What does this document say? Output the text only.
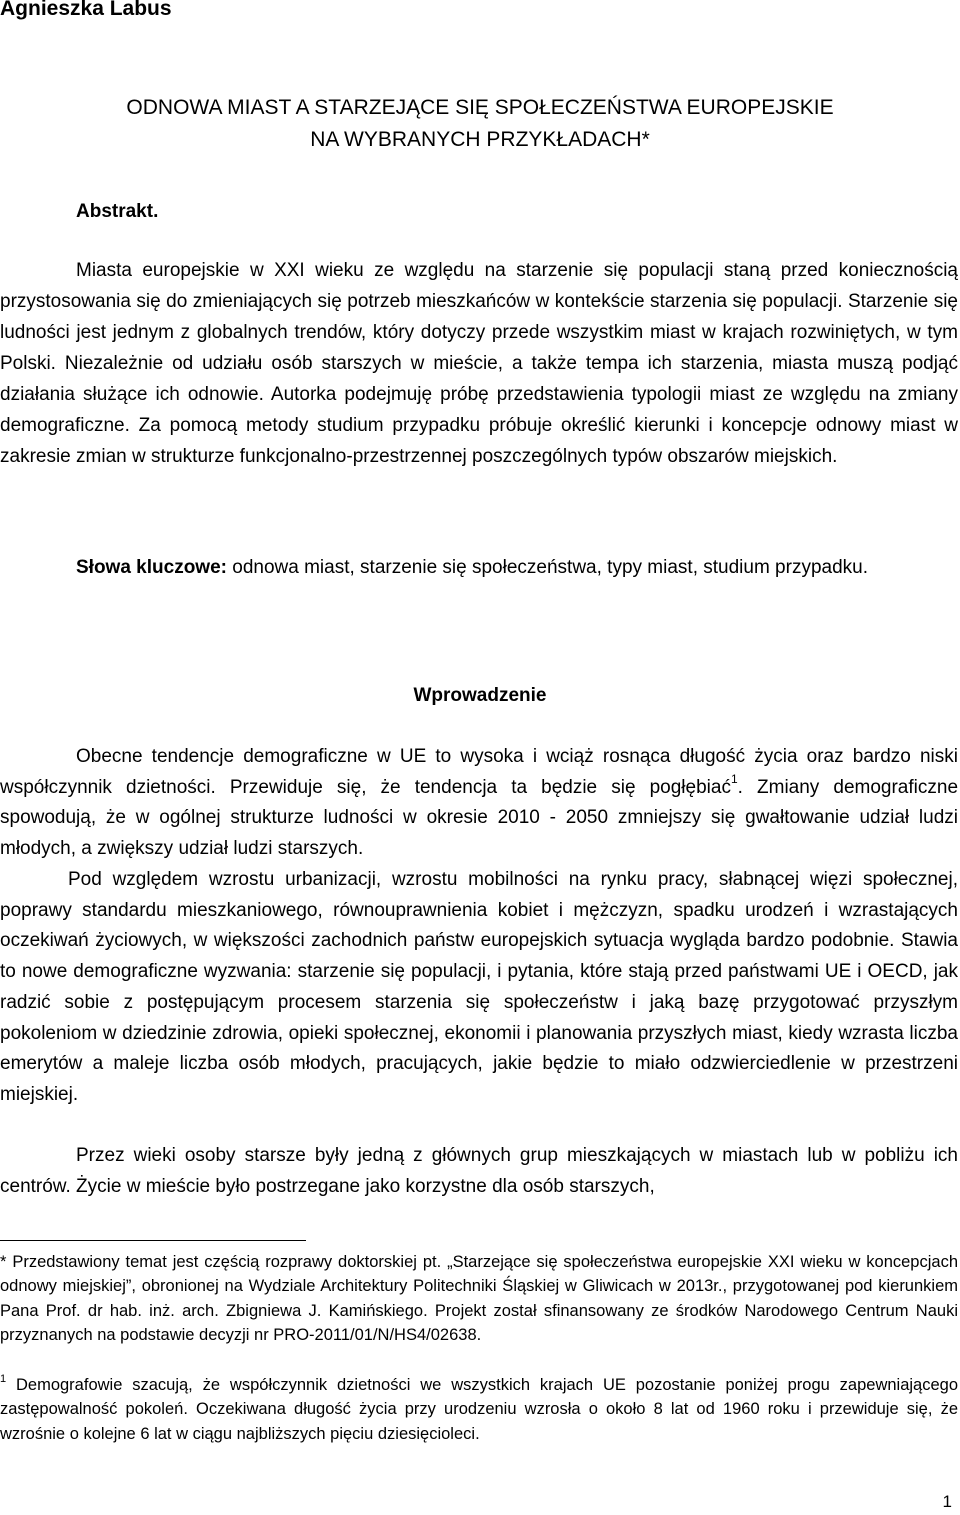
Agnieszka Labus
ODNOWA MIAST A STARZEJĄCE SIĘ SPOŁECZEŃSTWA EUROPEJSKIE
NA WYBRANYCH PRZYKŁADACH*
Abstrakt.

Miasta europejskie w XXI wieku ze względu na starzenie się populacji staną przed koniecznością przystosowania się do zmieniających się potrzeb mieszkańców w kontekście starzenia się populacji. Starzenie się ludności jest jednym z globalnych trendów, który dotyczy przede wszystkim miast w krajach rozwiniętych, w tym Polski. Niezależnie od udziału osób starszych w mieście, a także tempa ich starzenia, miasta muszą podjąć działania służące ich odnowie. Autorka podejmuję próbę przedstawienia typologii miast ze względu na zmiany demograficzne. Za pomocą metody studium przypadku próbuje określić kierunki i koncepcje odnowy miast w zakresie zmian w strukturze funkcjonalno-przestrzennej poszczególnych typów obszarów miejskich.

Słowa kluczowe: odnowa miast, starzenie się społeczeństwa, typy miast, studium przypadku.

Wprowadzenie

Obecne tendencje demograficzne w UE to wysoka i wciąż rosnąca długość życia oraz bardzo niski współczynnik dzietności. Przewiduje się, że tendencja ta będzie się pogłębiać$^1$. Zmiany demograficzne spowodują, że w ogólnej strukturze ludności w okresie 2010 - 2050 zmniejszy się gwałtowanie udział ludzi młodych, a zwiększy udział ludzi starszych.

Pod względem wzrostu urbanizacji, wzrostu mobilności na rynku pracy, słabnącej więzi społecznej, poprawy standardu mieszkaniowego, równouprawnienia kobiet i mężczyzn, spadku urodzeń i wzrastających oczekiwań życiowych, w większości zachodnich państw europejskich sytuacja wygląda bardzo podobnie. Stawia to nowe demograficzne wyzwania: starzenie się populacji, i pytania, które stają przed państwami UE i OECD, jak radzić sobie z postępującym procesem starzenia się społeczeństw i jaką bazę przygotować przyszłym pokoleniom w dziedzinie zdrowia, opieki społecznej, ekonomii i planowania przyszłych miast, kiedy wzrasta liczba emerytów a maleje liczba osób młodych, pracujących, jakie będzie to miało odzwierciedlenie w przestrzeni miejskiej.

Przez wieki osoby starsze były jedną z głównych grup mieszkających w miastach lub w pobliżu ich centrów. Życie w mieście było postrzegane jako korzystne dla osób starszych,

* Przedstawiony temat jest częścią rozprawy doktorskiej pt. „Starzejące się społeczeństwa europejskie XXI wieku w koncepcjach odnowy miejskiej”, obronionej na Wydziale Architektury Politechniki Śląskiej w Gliwicach w 2013r., przygotowanej pod kierunkiem Pana Prof. dr hab. inż. arch. Zbigniewa J. Kamińskiego. Projekt został sfinansowany ze środków Narodowego Centrum Nauki przyznanych na podstawie decyzji nr PRO-2011/01/N/HS4/02638.

$^1$ Demografowie szacują, że współczynnik dzietności we wszystkich krajach UE pozostanie poniżej progu zapewniającego zastępowalność pokoleń. Oczekiwana długość życia przy urodzeniu wzrosła o około 8 lat od 1960 roku i przewiduje się, że wzrośnie o kolejne 6 lat w ciągu najbliższych pięciu dziesięcioleci.

1
